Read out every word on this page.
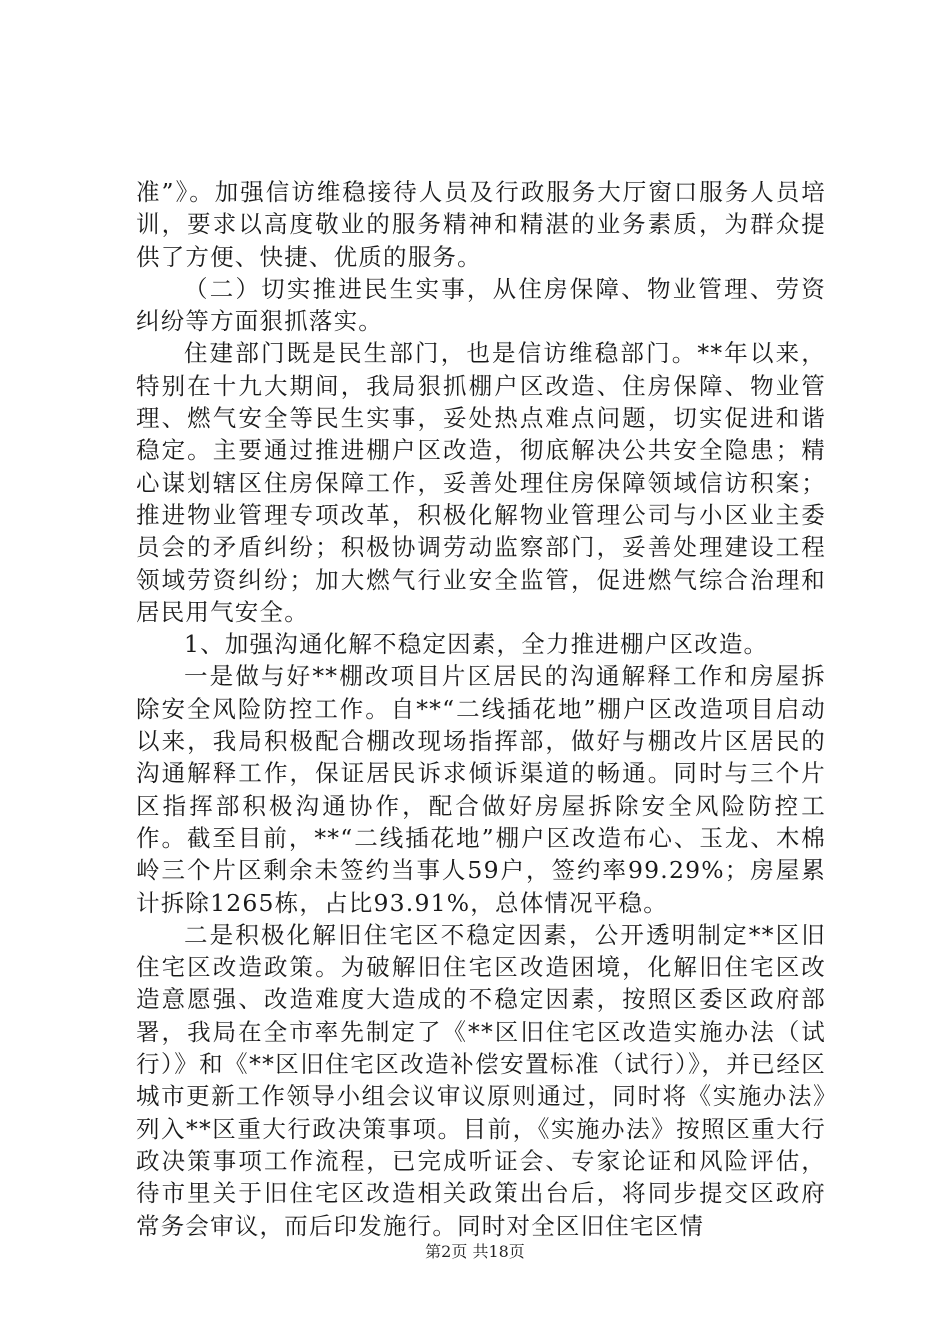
准”》。加强信访维稳接待人员及行政服务大厅窗口服务人员培训，要求以高度敬业的服务精神和精湛的业务素质，为群众提供了方便、快捷、优质的服务。

（二）切实推进民生实事，从住房保障、物业管理、劳资纠纷等方面狠抓落实。

住建部门既是民生部门，也是信访维稳部门。**年以来，特别在十九大期间，我局狠抓棚户区改造、住房保障、物业管理、燃气安全等民生实事，妥处热点难点问题，切实促进和谐稳定。主要通过推进棚户区改造，彻底解决公共安全隐患；精心谋划辖区住房保障工作，妥善处理住房保障领域信访积案；推进物业管理专项改革，积极化解物业管理公司与小区业主委员会的矛盾纠纷；积极协调劳动监察部门，妥善处理建设工程领域劳资纠纷；加大燃气行业安全监管，促进燃气综合治理和居民用气安全。

1、加强沟通化解不稳定因素，全力推进棚户区改造。

一是做与好**棚改项目片区居民的沟通解释工作和房屋拆除安全风险防控工作。自**“二线插花地”棚户区改造项目启动以来，我局积极配合棚改现场指挥部，做好与棚改片区居民的沟通解释工作，保证居民诉求倾诉渠道的畅通。同时与三个片区指挥部积极沟通协作，配合做好房屋拆除安全风险防控工作。截至目前，**“二线插花地”棚户区改造布心、玉龙、木棉岭三个片区剩余未签约当事人59户，签约率99.29%；房屋累计拆除1265栋，占比93.91%，总体情况平稳。

二是积极化解旧住宅区不稳定因素，公开透明制定**区旧住宅区改造政策。为破解旧住宅区改造困境，化解旧住宅区改造意愿强、改造难度大造成的不稳定因素，按照区委区政府部署，我局在全市率先制定了《**区旧住宅区改造实施办法（试行）》和《**区旧住宅区改造补偿安置标准（试行）》，并已经区城市更新工作领导小组会议审议原则通过，同时将《实施办法》列入**区重大行政决策事项。目前，《实施办法》按照区重大行政决策事项工作流程，已完成听证会、专家论证和风险评估，待市里关于旧住宅区改造相关政策出台后，将同步提交区政府常务会审议，而后印发施行。同时对全区旧住宅区情

第2页 共18页
